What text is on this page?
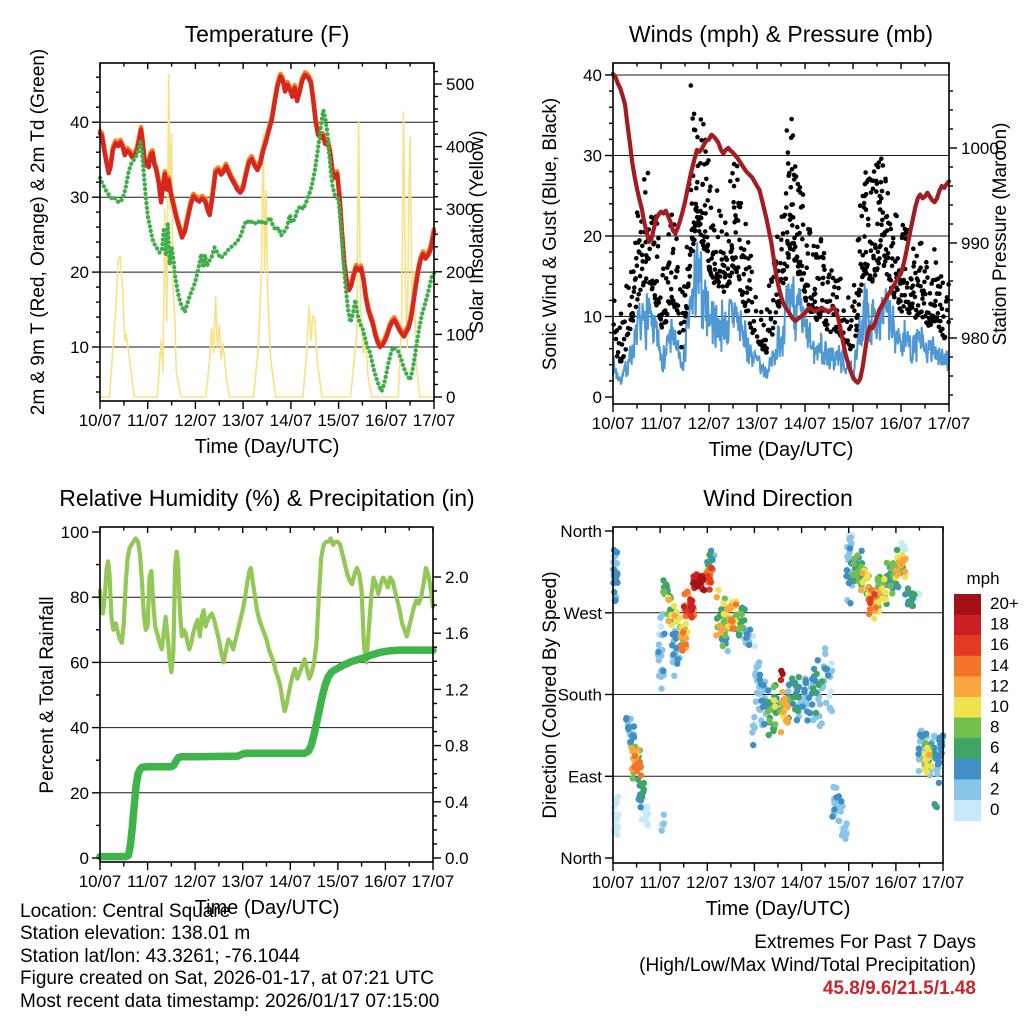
10/07 11/07 12/07 13/07 14/07 15/07 16/07 17/07
10
20
30
40
0
100
200
300
400
500
Temperature (F)
Time (Day/UTC)
2m & 9m T (Red, Orange) & 2m Td (Green)	Solar Insolation (Yellow)
10/07 11/07 12/07 13/07 14/07 15/07 16/07 17/07
0
10
20
30
40
980
990
1000
Winds (mph) & Pressure (mb)
Time (Day/UTC)
Sonic Wind & Gust (Blue, Black)	Station Pressure (Maroon)
10/07 11/07 12/07 13/07 14/07 15/07 16/07 17/07
0
20
40
60
80
100
0.0
0.4
0.8
1.2
1.6
2.0
Relative Humidity (%) & Precipitation (in)
Time (Day/UTC)
Percent & Total Rainfall
10/07 11/07 12/07 13/07 14/07 15/07 16/07 17/07
North
East
South
West
North
Wind Direction
Time (Day/UTC)
Direction (Colored By Speed)	20+
18
16
14
12
10
8
6
4
2
0
mph
Location: Central Square
Station elevation: 138.01 m
Station lat/lon: 43.3261; -76.1044
Figure created on Sat, 2026-01-17, at 07:21 UTC
Most recent data timestamp: 2026/01/17 07:15:00
Extremes For Past 7 Days
(High/Low/Max Wind/Total Precipitation)
45.8/9.6/21.5/1.48
